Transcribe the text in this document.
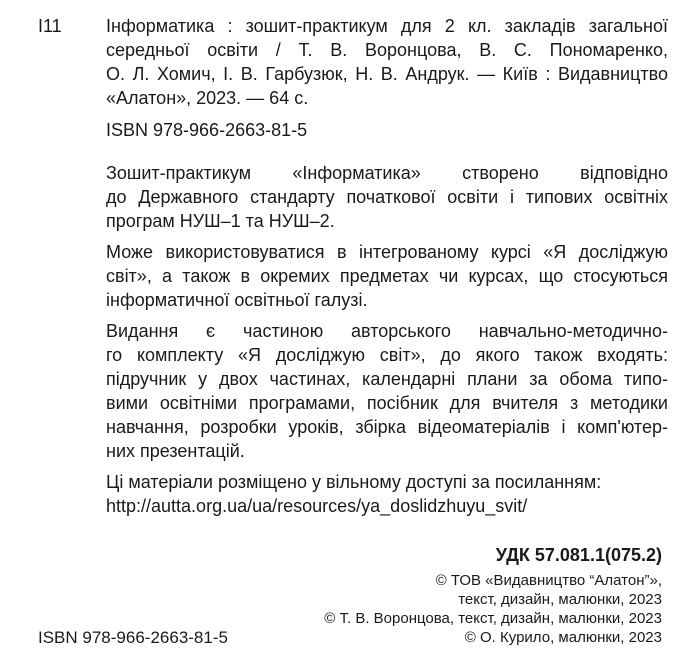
І11 Інформатика : зошит-практикум для 2 кл. закладів загальної
середньої освіти / Т. В. Воронцова, В. С. Пономаренко,
О. Л. Хомич, І. В. Гарбузюк, Н. В. Андрук. — Київ : Видавництво
«Алатон», 2023. — 64 с.
ISBN 978-966-2663-81-5

Зошит-практикум «Інформатика» створено відповідно
до Державного стандарту початкової освіти і типових освітніх
програм НУШ–1 та НУШ–2.

Може використовуватися в інтегрованому курсі «Я досліджую
світ», а також в окремих предметах чи курсах, що стосуються
інформатичної освітньої галузі.

Видання є частиною авторського навчально-методично-
го комплекту «Я досліджую світ», до якого також входять:
підручник у двох частинах, календарні плани за обома типо-
вими освітніми програмами, посібник для вчителя з методики
навчання, розробки уроків, збірка відеоматеріалів і комп'ютер-
них презентацій.

Ці матеріали розміщено у вільному доступі за посиланням:
http://autta.org.ua/ua/resources/ya_doslidzhuyu_svit/

УДК 57.081.1(075.2)
© ТОВ «Видавництво “Алатон”»,
текст, дизайн, малюнки, 2023
© Т. В. Воронцова, текст, дизайн, малюнки, 2023
© О. Курило, малюнки, 2023
ISBN 978-966-2663-81-5
